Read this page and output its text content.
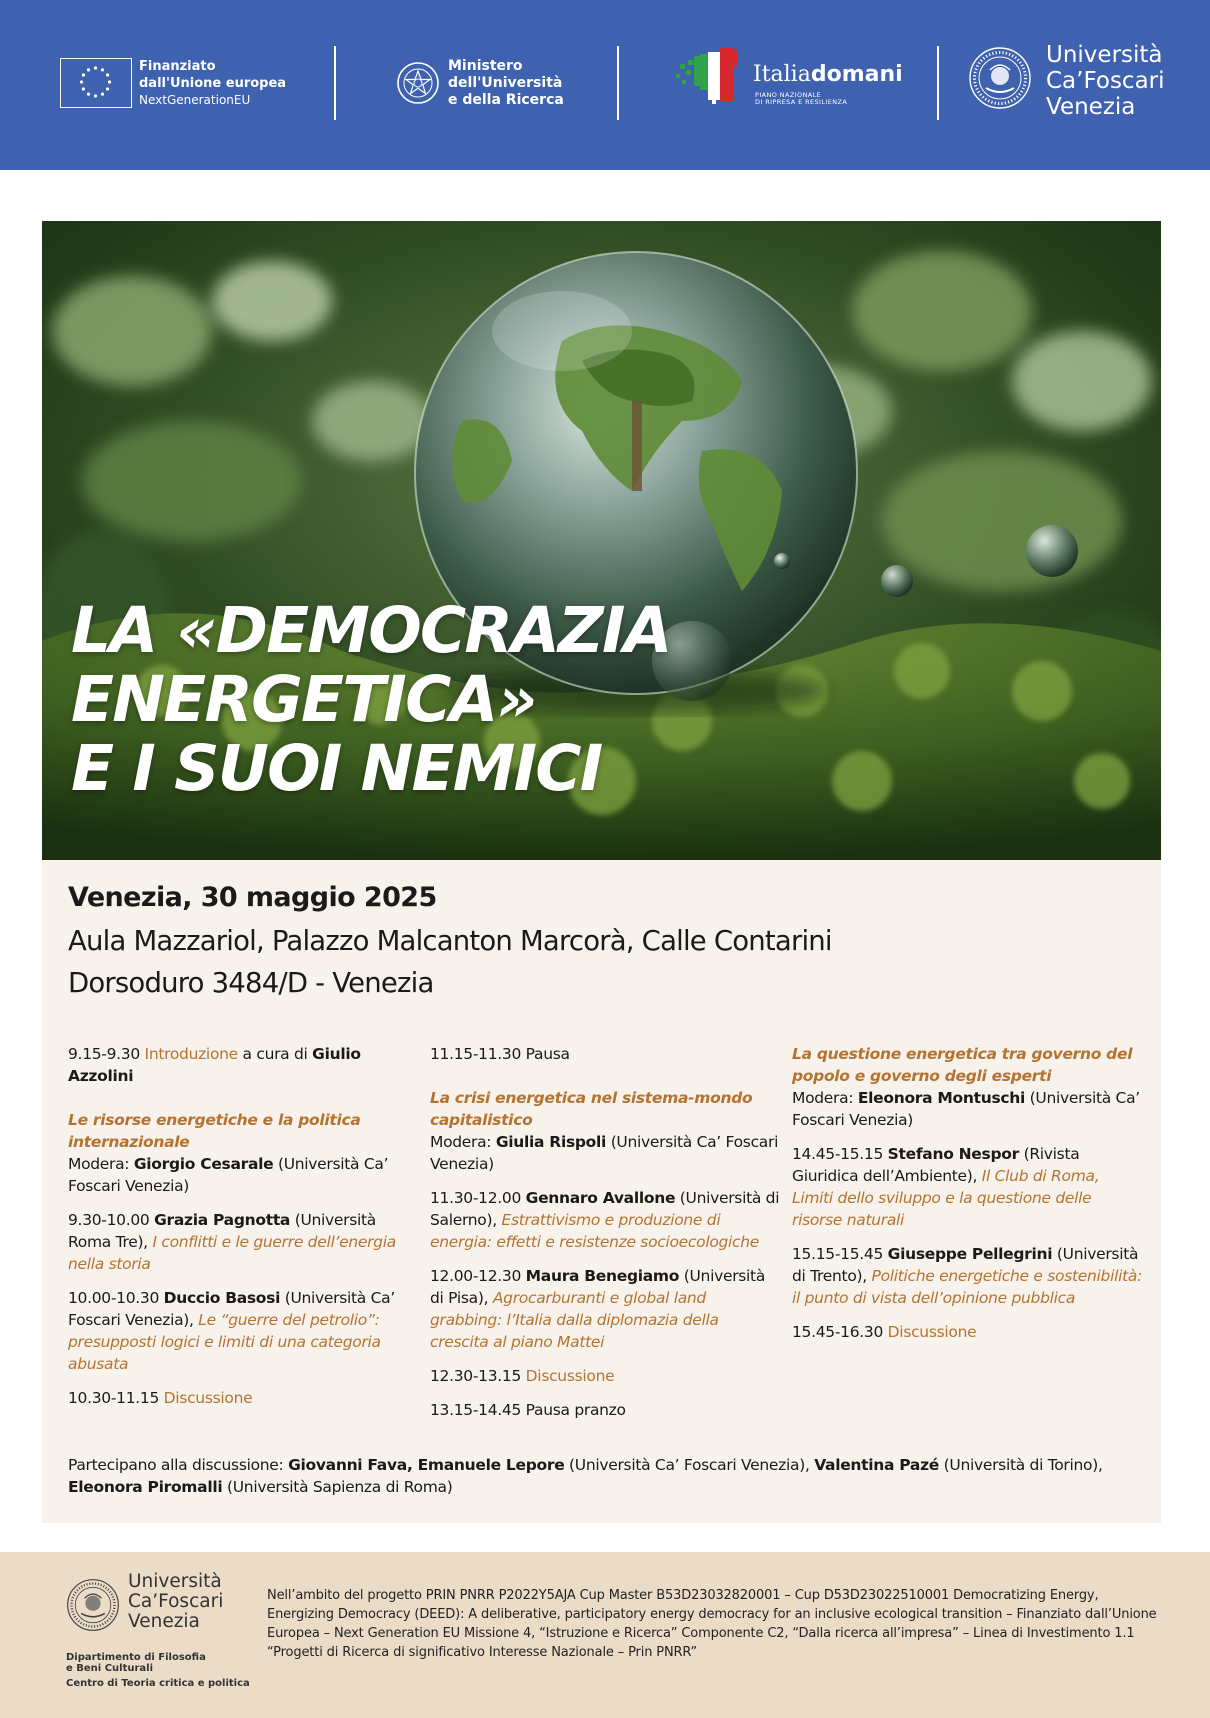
Finanziato
dall'Unione europea
NextGenerationEU
Ministero
dell'Università
e della Ricerca
Italiadomani
PIANO NAZIONALE
DI RIPRESA E RESILIENZA
Università
Ca’Foscari
Venezia
LA «DEMOCRAZIA
ENERGETICA»
E I SUOI NEMICI
Venezia, 30 maggio 2025
Aula Mazzariol, Palazzo Malcanton Marcorà, Calle Contarini
Dorsoduro 3484/D - Venezia

9.15-9.30 Introduzione a cura di Giulio Azzolini

Le risorse energetiche e la politica internazionale
Modera: Giorgio Cesarale (Università Ca’ Foscari Venezia)

9.30-10.00 Grazia Pagnotta (Università Roma Tre), I conflitti e le guerre dell’energia nella storia

10.00-10.30 Duccio Basosi (Università Ca’ Foscari Venezia), Le “guerre del petrolio”: presupposti logici e limiti di una categoria abusata

10.30-11.15 Discussione

11.15-11.30 Pausa

La crisi energetica nel sistema-mondo capitalistico
Modera: Giulia Rispoli (Università Ca’ Foscari Venezia)

11.30-12.00 Gennaro Avallone (Università di Salerno), Estrattivismo e produzione di energia: effetti e resistenze socioecologiche

12.00-12.30 Maura Benegiamo (Università di Pisa), Agrocarburanti e global land grabbing: l’Italia dalla diplomazia della crescita al piano Mattei

12.30-13.15 Discussione

13.15-14.45 Pausa pranzo

La questione energetica tra governo del popolo e governo degli esperti
Modera: Eleonora Montuschi (Università Ca’ Foscari Venezia)

14.45-15.15 Stefano Nespor (Rivista Giuridica dell’Ambiente), Il Club di Roma, Limiti dello sviluppo e la questione delle risorse naturali

15.15-15.45 Giuseppe Pellegrini (Università di Trento), Politiche energetiche e sostenibilità: il punto di vista dell’opinione pubblica

15.45-16.30 Discussione

Partecipano alla discussione: Giovanni Fava, Emanuele Lepore (Università Ca’ Foscari Venezia), Valentina Pazé (Università di Torino), Eleonora Piromalli (Università Sapienza di Roma)
Università
Ca’Foscari
Venezia
Dipartimento di Filosofia
e Beni Culturali
Centro di Teoria critica e politica
Nell’ambito del progetto PRIN PNRR P2022Y5AJA Cup Master B53D23032820001 – Cup D53D23022510001 Democratizing Energy, Energizing Democracy (DEED): A deliberative, participatory energy democracy for an inclusive ecological transition – Finanziato dall’Unione Europea – Next Generation EU Missione 4, “Istruzione e Ricerca” Componente C2, “Dalla ricerca all’impresa” – Linea di Investimento 1.1 “Progetti di Ricerca di significativo Interesse Nazionale – Prin PNRR”
